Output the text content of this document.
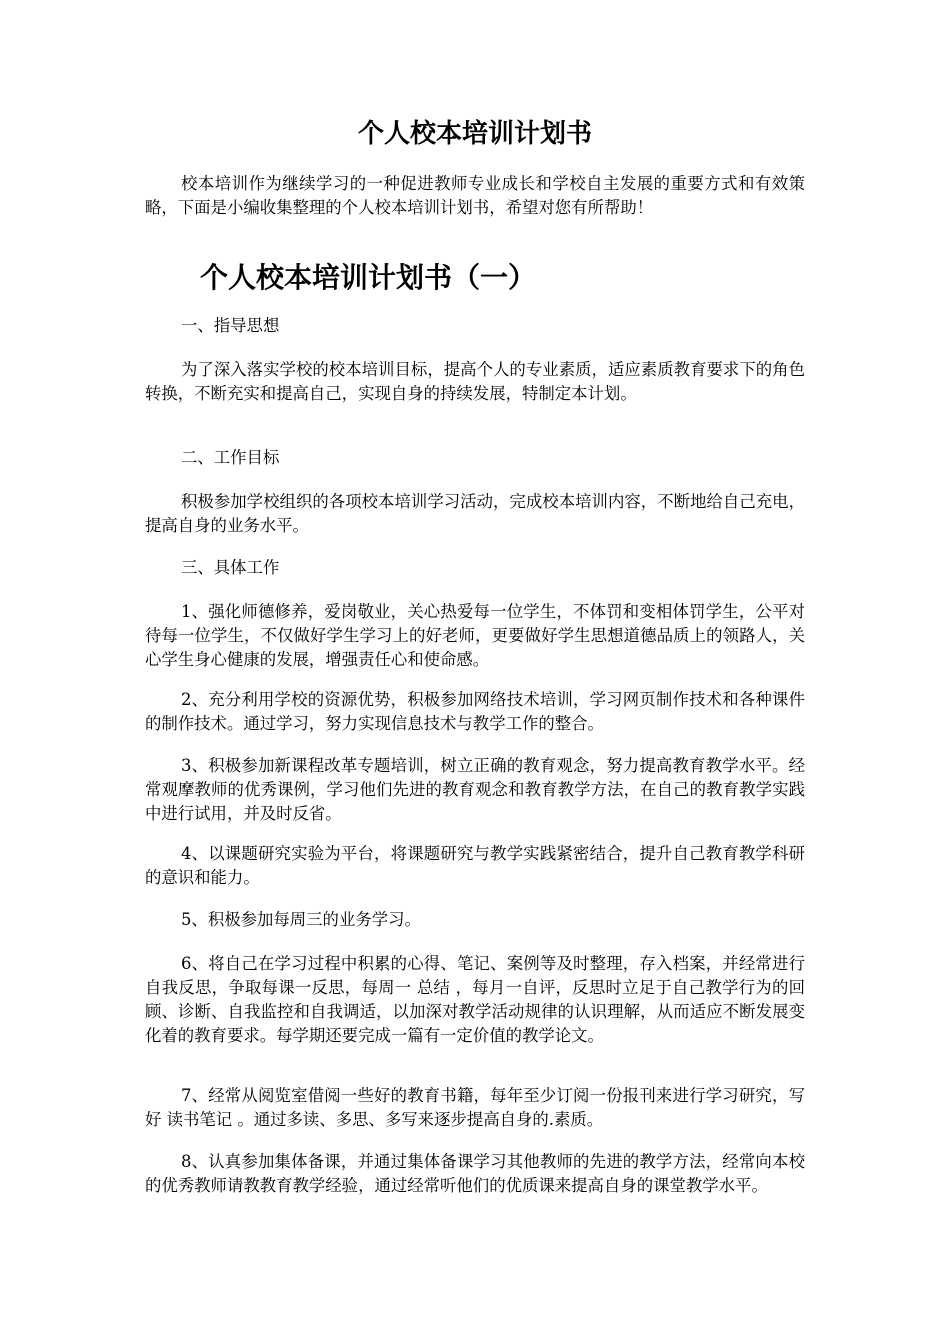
个人校本培训计划书

校本培训作为继续学习的一种促进教师专业成长和学校自主发展的重要方式和有效策略，下面是小编收集整理的个人校本培训计划书，希望对您有所帮助！

个人校本培训计划书（一）

一、指导思想

为了深入落实学校的校本培训目标，提高个人的专业素质，适应素质教育要求下的角色转换，不断充实和提高自己，实现自身的持续发展，特制定本计划。

二、工作目标

积极参加学校组织的各项校本培训学习活动，完成校本培训内容，不断地给自己充电，提高自身的业务水平。

三、具体工作

1、强化师德修养，爱岗敬业，关心热爱每一位学生，不体罚和变相体罚学生，公平对待每一位学生，不仅做好学生学习上的好老师，更要做好学生思想道德品质上的领路人，关心学生身心健康的发展，增强责任心和使命感。

2、充分利用学校的资源优势，积极参加网络技术培训，学习网页制作技术和各种课件的制作技术。通过学习，努力实现信息技术与教学工作的整合。

3、积极参加新课程改革专题培训，树立正确的教育观念，努力提高教育教学水平。经常观摩教师的优秀课例，学习他们先进的教育观念和教育教学方法，在自己的教育教学实践中进行试用，并及时反省。

4、以课题研究实验为平台，将课题研究与教学实践紧密结合，提升自己教育教学科研的意识和能力。

5、积极参加每周三的业务学习。

6、将自己在学习过程中积累的心得、笔记、案例等及时整理，存入档案，并经常进行自我反思，争取每课一反思，每周一 总结 ，每月一自评，反思时立足于自己教学行为的回顾、诊断、自我监控和自我调适，以加深对教学活动规律的认识理解，从而适应不断发展变化着的教育要求。每学期还要完成一篇有一定价值的教学论文。

7、经常从阅览室借阅一些好的教育书籍，每年至少订阅一份报刊来进行学习研究，写好 读书笔记 。通过多读、多思、多写来逐步提高自身的.素质。

8、认真参加集体备课，并通过集体备课学习其他教师的先进的教学方法，经常向本校的优秀教师请教教育教学经验，通过经常听他们的优质课来提高自身的课堂教学水平。
